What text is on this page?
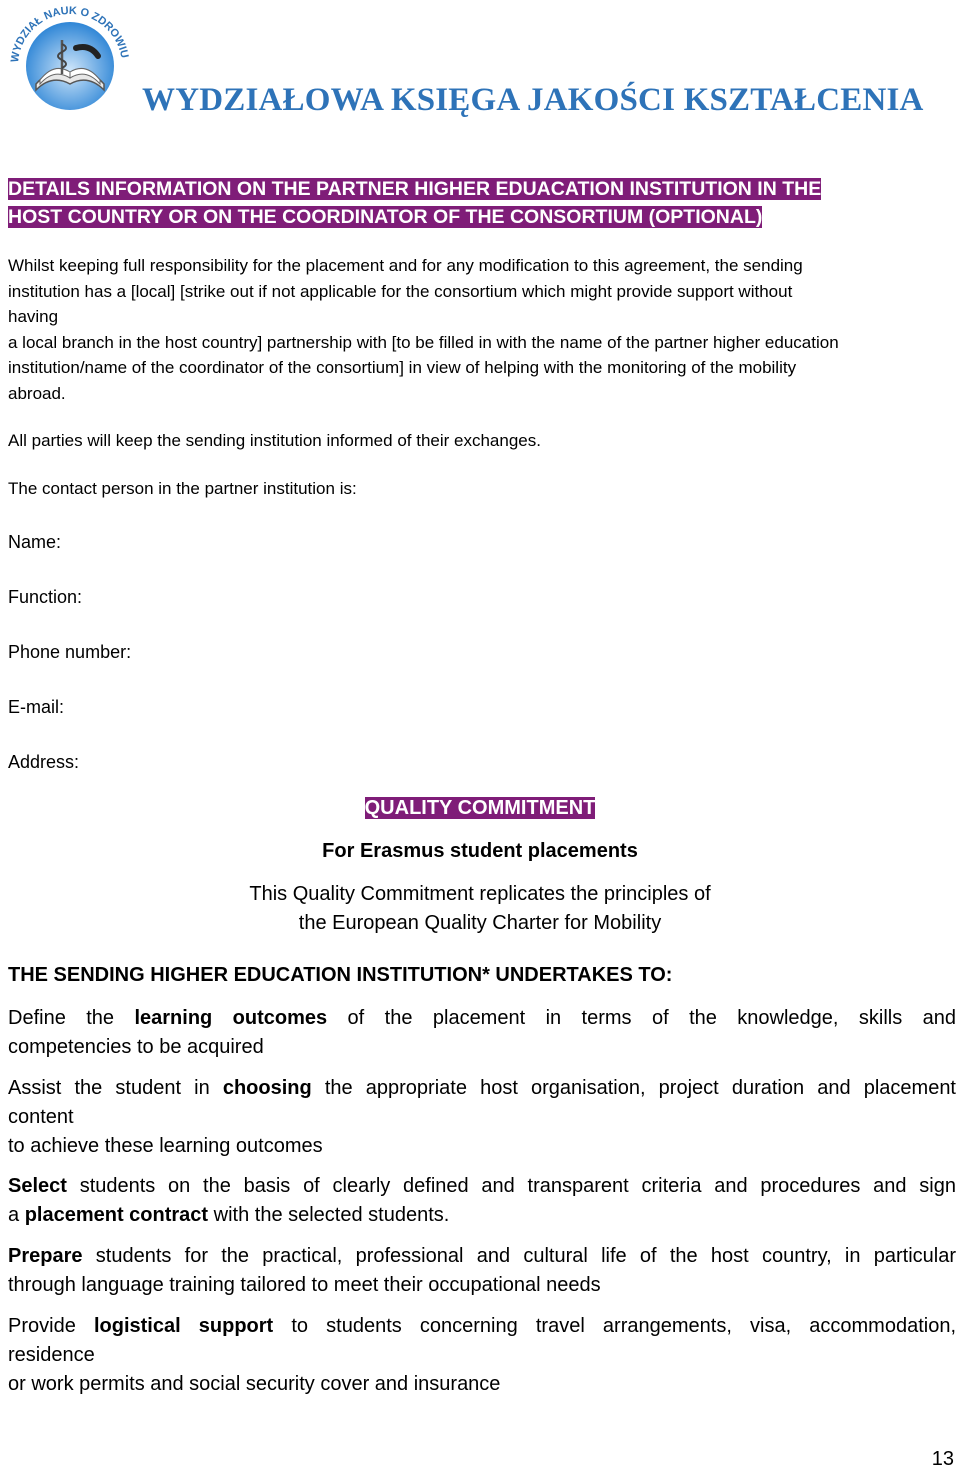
WYDZIAŁ NAUK O ZDROWIU
WYDZIAŁOWA KSIĘGA JAKOŚCI KSZTAŁCENIA
DETAILS INFORMATION ON THE PARTNER HIGHER EDUACATION INSTITUTION IN THE
HOST COUNTRY OR ON THE COORDINATOR OF THE CONSORTIUM (OPTIONAL)
Whilst keeping full responsibility for the placement and for any modification to this agreement, the sending
institution has a [local] [strike out if not applicable for the consortium which might provide support without
having
a local branch in the host country] partnership with [to be filled in with the name of the partner higher education
institution/name of the coordinator of the consortium] in view of helping with the monitoring of the mobility
abroad.
All parties will keep the sending institution informed of their exchanges.
The contact person in the partner institution is:
Name:
Function:
Phone number:
E-mail:
Address:
QUALITY COMMITMENT
For Erasmus student placements
This Quality Commitment replicates the principles of
the European Quality Charter for Mobility
THE SENDING HIGHER EDUCATION INSTITUTION* UNDERTAKES TO:
Define the learning outcomes of the placement in terms of the knowledge, skills and
competencies to be acquired
Assist the student in choosing the appropriate host organisation, project duration and placement
content
to achieve these learning outcomes
Select students on the basis of clearly defined and transparent criteria and procedures and sign
a placement contract with the selected students.
Prepare students for the practical, professional and cultural life of the host country, in particular
through language training tailored to meet their occupational needs
Provide logistical support to students concerning travel arrangements, visa, accommodation,
residence
or work permits and social security cover and insurance
13
